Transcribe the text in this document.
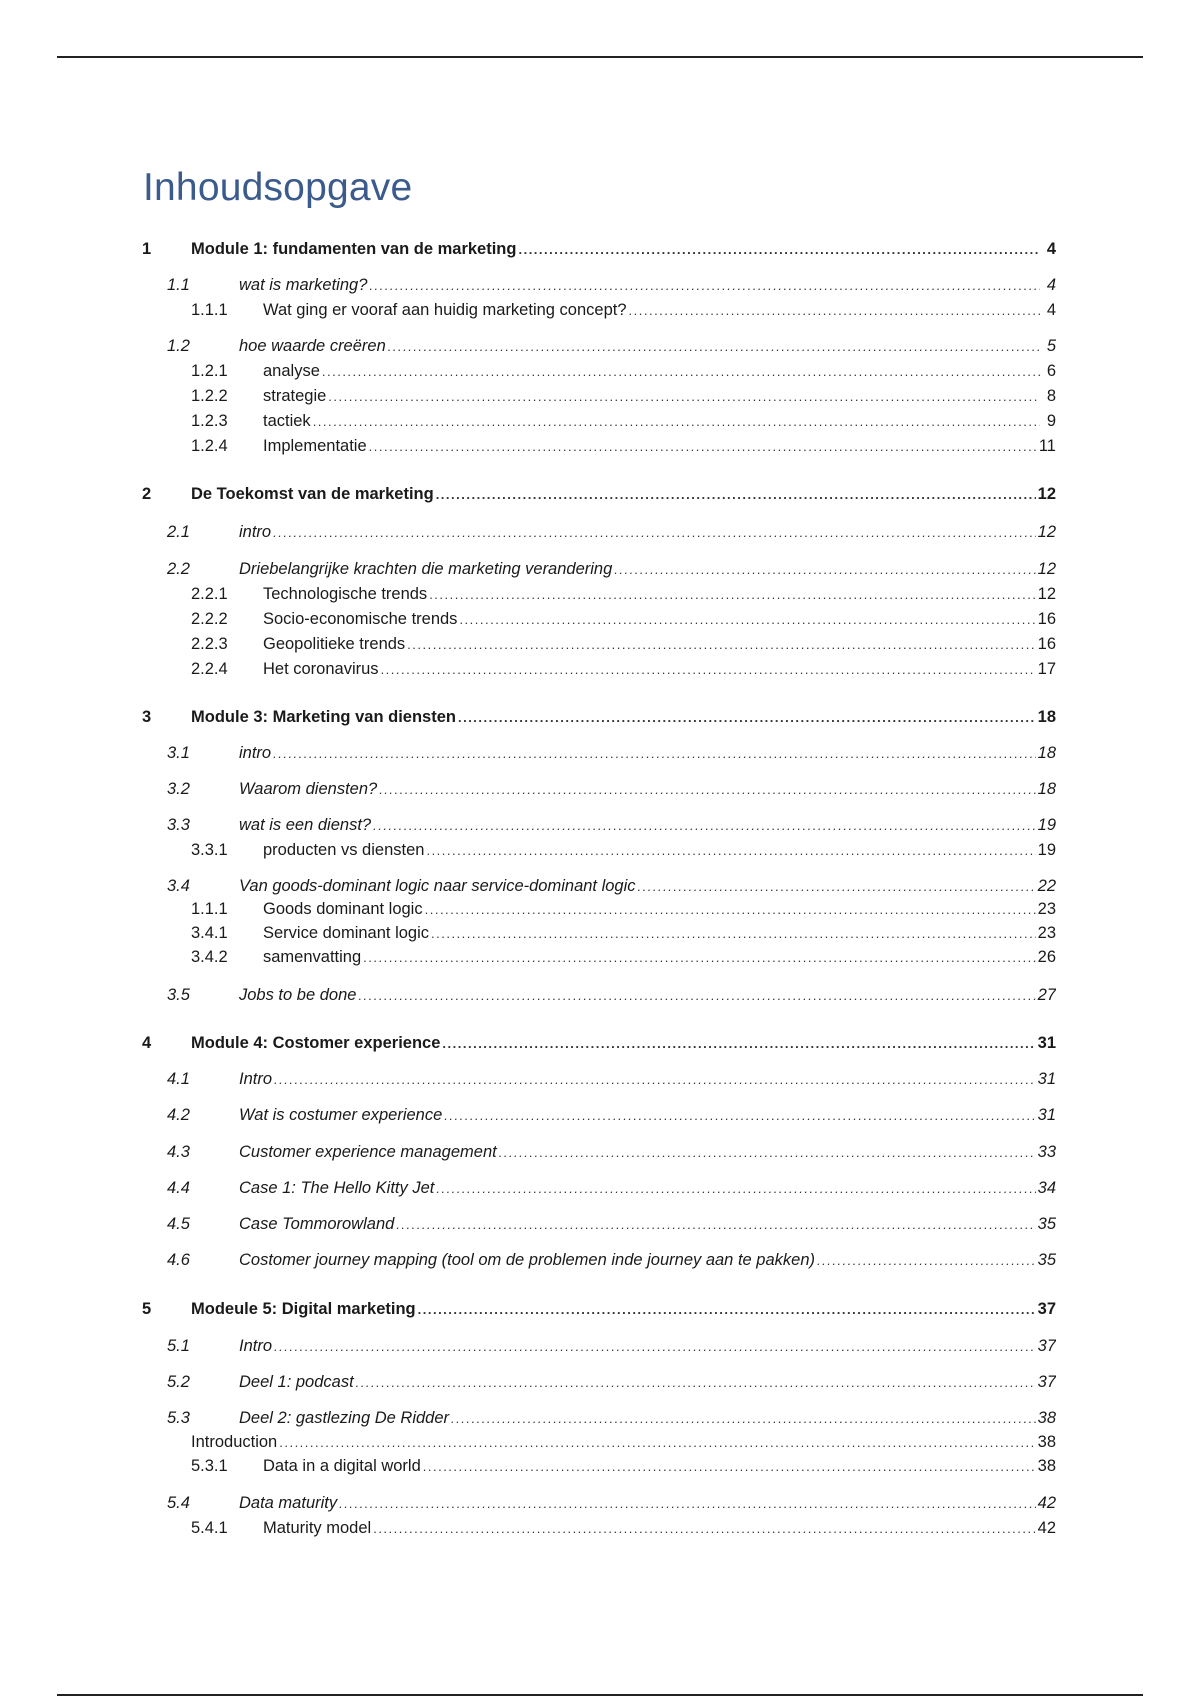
Inhoudsopgave
1 Module 1: fundamenten van de marketing .....	4
1.1	wat is marketing? .....	4
1.1.1 Wat ging er vooraf aan huidig marketing concept? .....	4
1.2	hoe waarde creëren .....	5
1.2.1 analyse .....	6
1.2.2 strategie .....	8
1.2.3 tactiek .....	9
1.2.4 Implementatie .....	11
2 De Toekomst van de marketing .....	12
2.1	intro .....	12
2.2	Driebelangrijke krachten die marketing verandering .....	12
2.2.1 Technologische trends .....	12
2.2.2 Socio-economische trends .....	16
2.2.3 Geopolitieke trends .....	16
2.2.4 Het coronavirus .....	17
3 Module 3: Marketing van diensten .....	18
3.1	intro .....	18
3.2	Waarom diensten? .....	18
3.3	wat is een dienst? .....	19
3.3.1 producten vs diensten .....	19
3.4	Van goods-dominant logic naar service-dominant logic .....	22
1.1.1 Goods dominant logic .....	23
3.4.1 Service dominant logic .....	23
3.4.2 samenvatting .....	26
3.5	Jobs to be done .....	27
4 Module 4: Costomer experience .....	31
4.1	Intro .....	31
4.2	Wat is costumer experience .....	31
4.3	Customer experience management .....	33
4.4	Case 1: The Hello Kitty Jet .....	34
4.5	Case Tommorowland .....	35
4.6	Costomer journey mapping (tool om de problemen inde journey aan te pakken) .....	35
5 Modeule 5: Digital marketing .....	37
5.1	Intro .....	37
5.2	Deel 1: podcast .....	37
5.3	Deel 2: gastlezing De Ridder .....	38
Introduction .....	38
5.3.1 Data in a digital world .....	38
5.4	Data maturity .....	42
5.4.1 Maturity model .....	42
